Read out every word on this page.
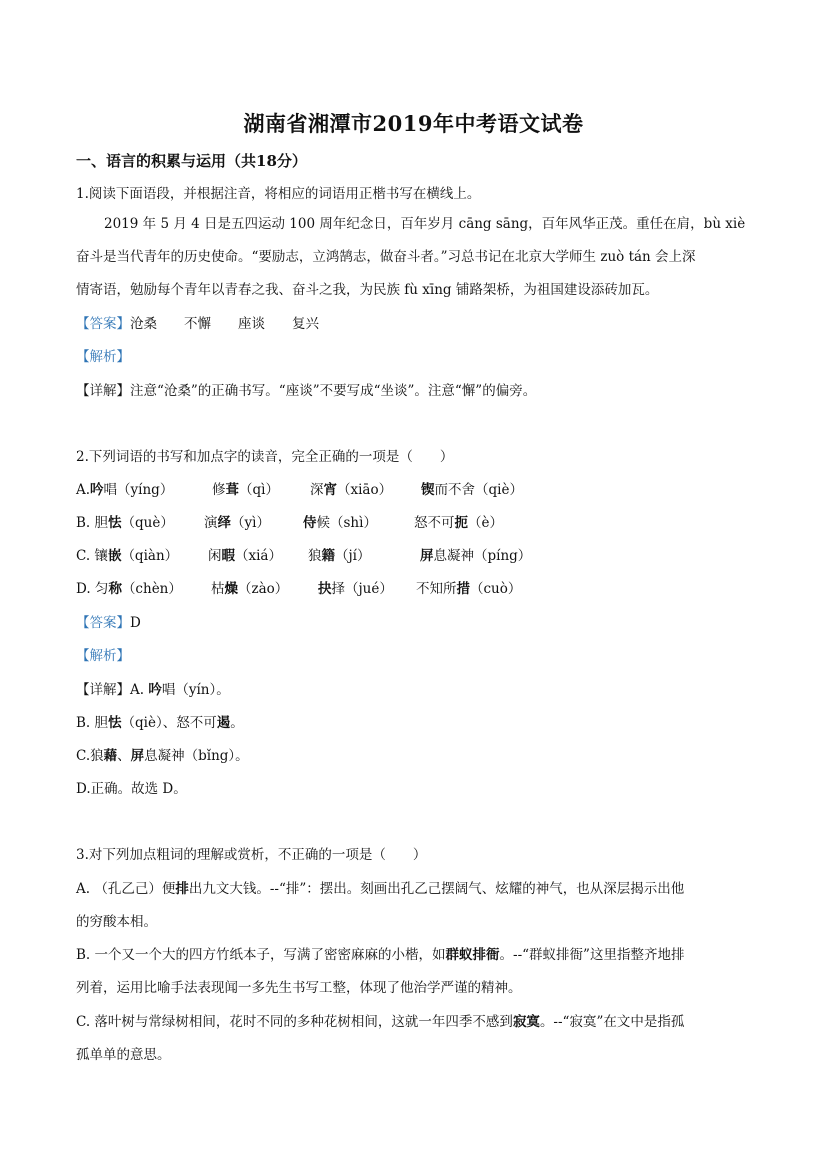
湖南省湘潭市2019年中考语文试卷
一、语言的积累与运用（共18分）
1.阅读下面语段，并根据注音，将相应的词语用正楷书写在横线上。
2019 年 5 月 4 日是五四运动 100 周年纪念日，百年岁月 cāng sāng，百年风华正茂。重任在肩，bù xiè
奋斗是当代青年的历史使命。“要励志，立鸿鹄志，做奋斗者。”习总书记在北京大学师生 zuò tán 会上深
情寄语，勉励每个青年以青春之我、奋斗之我，为民族 fù xīng 铺路架桥，为祖国建设添砖加瓦。
【答案】沧桑　　不懈　　座谈　　复兴
【解析】
【详解】注意“沧桑”的正确书写。“座谈”不要写成“坐谈”。注意“懈”的偏旁。
2.下列词语的书写和加点字的读音，完全正确的一项是（　　）
A.吟唱（yíng）	修葺（qì） 深宵（xiāo） 锲而不舍（qiè）
B. 胆怯（què） 演绎（yì） 侍候（shì）	怒不可扼（è）
C. 镶嵌（qiàn） 闲暇（xiá） 狼籍（jí）	屏息凝神（píng）
D. 匀称（chèn） 枯燥（zào） 抉择（jué） 不知所措（cuò）
【答案】D
【解析】
【详解】A. 吟唱（yín）。
B. 胆怯（qiè）、怒不可遏。
C.狼藉、屏息凝神（bǐng）。
D.正确。故选 D。
3.对下列加点粗词的理解或赏析，不正确的一项是（　　）
A. （孔乙己）便排出九文大钱。--“排”：摆出。刻画出孔乙己摆阔气、炫耀的神气，也从深层揭示出他
的穷酸本相。
B. 一个又一个大的四方竹纸本子，写满了密密麻麻的小楷，如群蚁排衙。--“群蚁排衙”这里指整齐地排
列着，运用比喻手法表现闻一多先生书写工整，体现了他治学严谨的精神。
C. 落叶树与常绿树相间，花时不同的多种花树相间，这就一年四季不感到寂寞。--“寂寞”在文中是指孤
孤单单的意思。
